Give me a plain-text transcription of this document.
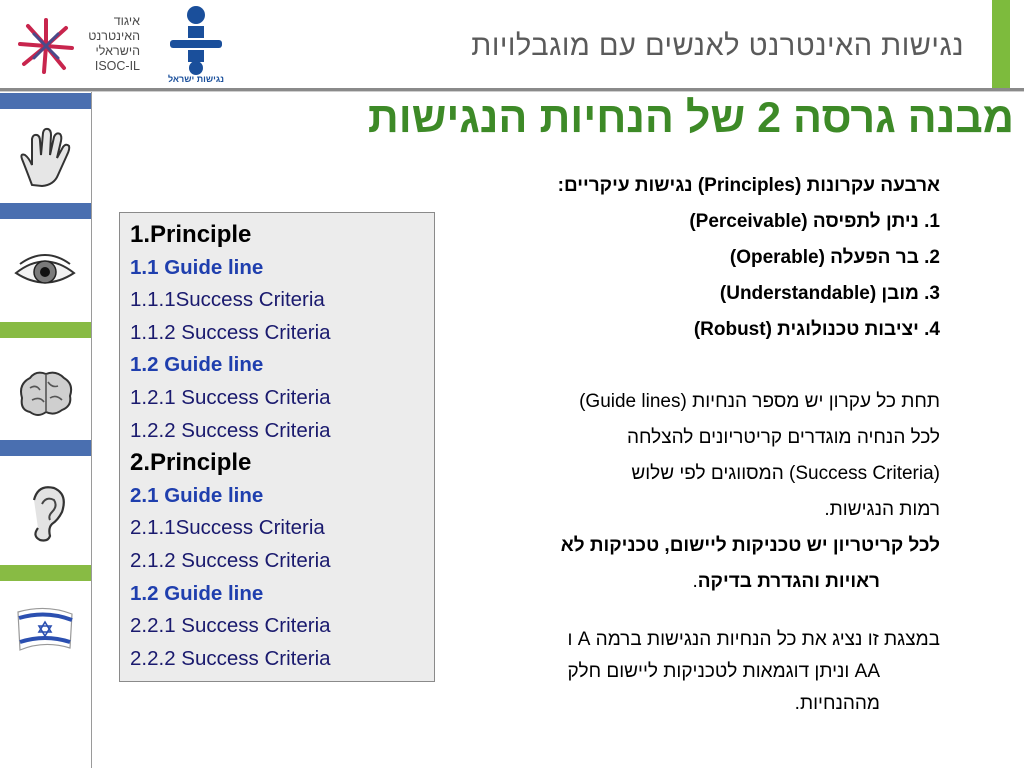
איגוד
האינטרנט
הישראלי
ISOC-IL
נגישות ישראל
נגישות האינטרנט לאנשים עם מוגבלויות
מבנה גרסה 2 של הנחיות הנגישות
1.Principle
1.1 Guide line
1.1.1Success Criteria
1.1.2 Success Criteria
1.2 Guide line
1.2.1 Success Criteria
1.2.2 Success Criteria
2.Principle
2.1 Guide line
2.1.1Success Criteria
2.1.2 Success Criteria
1.2 Guide line
2.2.1 Success Criteria
2.2.2 Success Criteria

ארבעה עקרונות (Principles) נגישות עיקריים:

1. ניתן לתפיסה (Perceivable)

2. בר הפעלה (Operable)

3. מובן (Understandable)

4. יציבות טכנולוגית (Robust)

תחת כל עקרון יש מספר הנחיות (Guide lines)

לכל הנחיה מוגדרים קריטריונים להצלחה

(Success Criteria) המסווגים לפי שלוש

רמות הנגישות.

לכל קריטריון יש טכניקות ליישום, טכניקות לא

ראויות והגדרת בדיקה.

במצגת זו נציג את כל הנחיות הנגישות ברמה A ו

AA וניתן דוגמאות לטכניקות ליישום חלק

מההנחיות.
